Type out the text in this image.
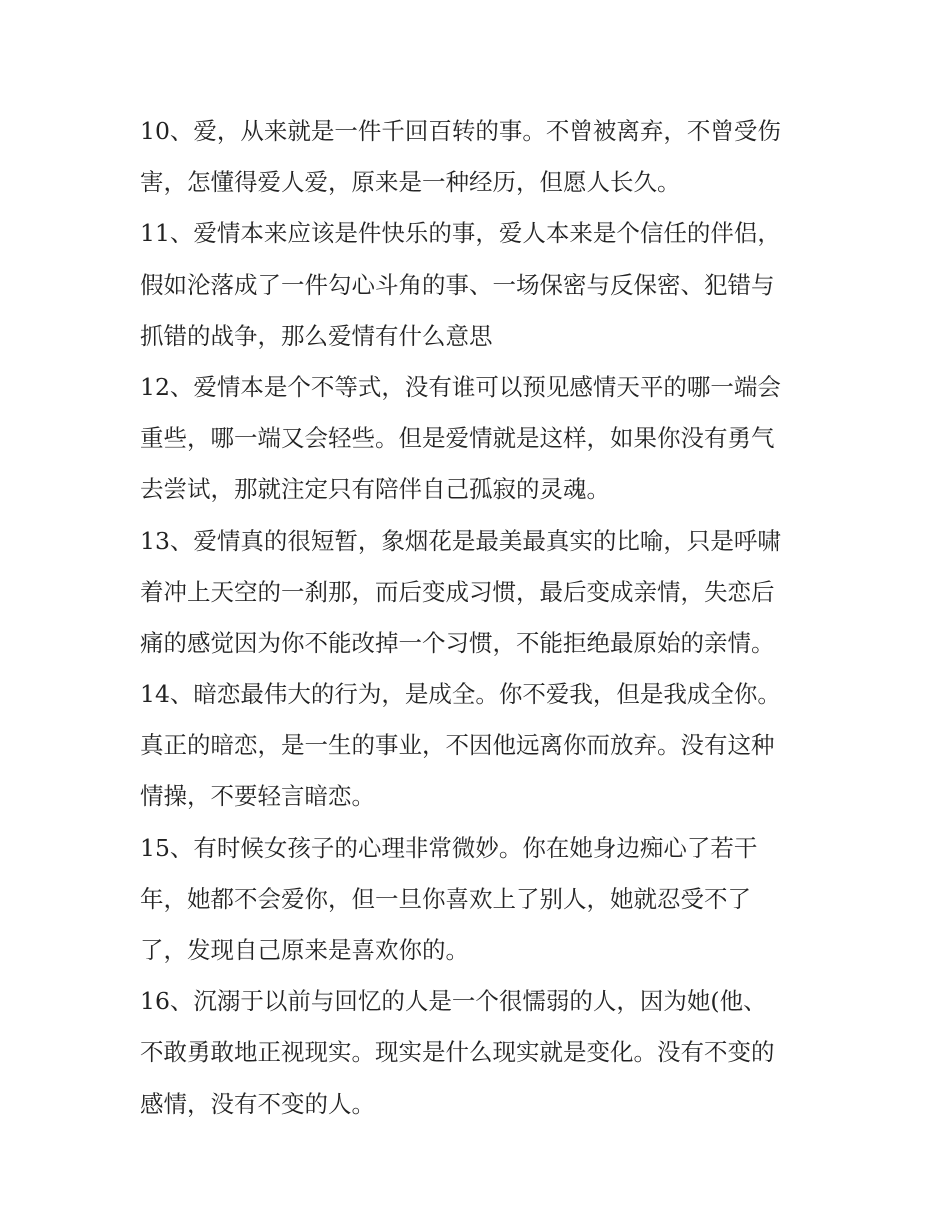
10、爱，从来就是一件千回百转的事。不曾被离弃，不曾受伤
害，怎懂得爱人爱，原来是一种经历，但愿人长久。
11、爱情本来应该是件快乐的事，爱人本来是个信任的伴侣，
假如沦落成了一件勾心斗角的事、一场保密与反保密、犯错与
抓错的战争，那么爱情有什么意思
12、爱情本是个不等式，没有谁可以预见感情天平的哪一端会
重些，哪一端又会轻些。但是爱情就是这样，如果你没有勇气
去尝试，那就注定只有陪伴自己孤寂的灵魂。
13、爱情真的很短暂，象烟花是最美最真实的比喻，只是呼啸
着冲上天空的一刹那，而后变成习惯，最后变成亲情，失恋后
痛的感觉因为你不能改掉一个习惯，不能拒绝最原始的亲情。
14、暗恋最伟大的行为，是成全。你不爱我，但是我成全你。
真正的暗恋，是一生的事业，不因他远离你而放弃。没有这种
情操，不要轻言暗恋。
15、有时候女孩子的心理非常微妙。你在她身边痴心了若干
年，她都不会爱你，但一旦你喜欢上了别人，她就忍受不了
了，发现自己原来是喜欢你的。
16、沉溺于以前与回忆的人是一个很懦弱的人，因为她(他、
不敢勇敢地正视现实。现实是什么现实就是变化。没有不变的
感情，没有不变的人。
